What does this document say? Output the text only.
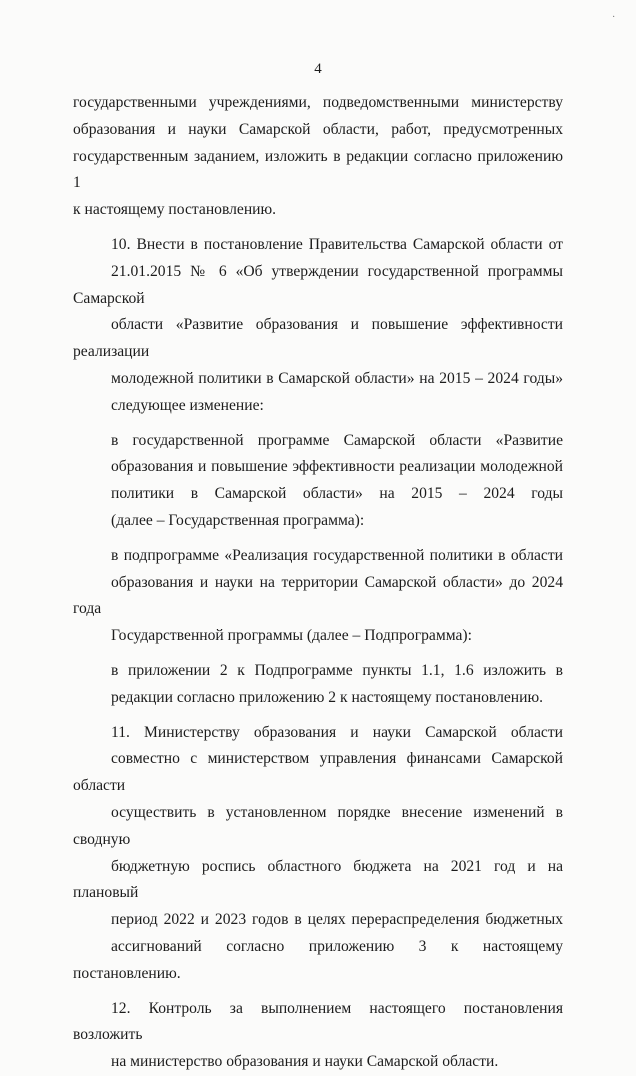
·
4

государственными учреждениями, подведомственными министерству
образования и науки Самарской области, работ, предусмотренных
государственным заданием, изложить в редакции согласно приложению 1
к настоящему постановлению.

10. Внести в постановление Правительства Самарской области от
21.01.2015 № 6 «Об утверждении государственной программы Самарской
области «Развитие образования и повышение эффективности реализации
молодежной политики в Самарской области» на 2015 – 2024 годы»
следующее изменение:

в государственной программе Самарской области «Развитие
образования и повышение эффективности реализации молодежной
политики в Самарской области» на 2015 – 2024 годы
(далее – Государственная программа):

в подпрограмме «Реализация государственной политики в области
образования и науки на территории Самарской области» до 2024 года
Государственной программы (далее – Подпрограмма):

в приложении 2 к Подпрограмме пункты 1.1, 1.6 изложить в
редакции согласно приложению 2 к настоящему постановлению.

11. Министерству образования и науки Самарской области
совместно с министерством управления финансами Самарской области
осуществить в установленном порядке внесение изменений в сводную
бюджетную роспись областного бюджета на 2021 год и на плановый
период 2022 и 2023 годов в целях перераспределения бюджетных
ассигнований согласно приложению 3 к настоящему постановлению.

12. Контроль за выполнением настоящего постановления возложить
на министерство образования и науки Самарской области.
